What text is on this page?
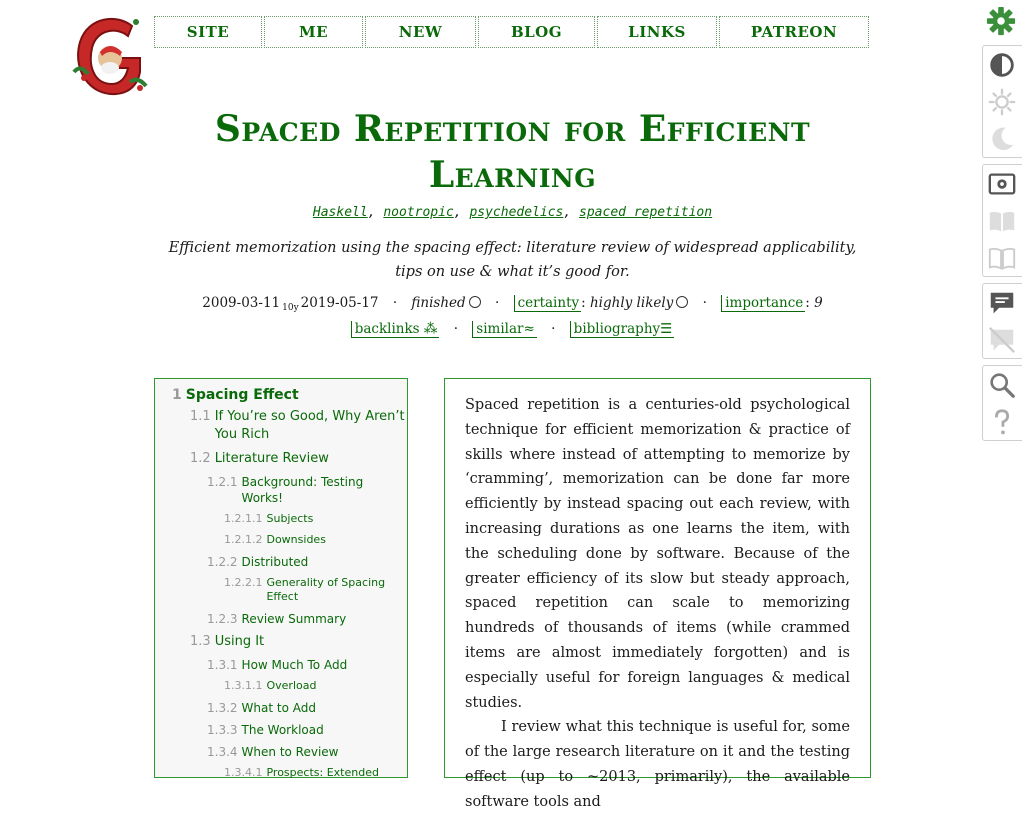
SITE	ME	NEW	BLOG	LINKS	PATREON
Spaced Repetition for Efficient Learning
Haskell, nootropic, psychedelics, spaced repetition
Efficient memorization using the spacing effect: literature review of widespread applicability, tips on use & what it’s good for.
2009-03-11 $_{10y}$ 2019-05-17 · finished · certainty : highly likely · importance : 9
backlinks ⁂ · similar≈ · bibliography☰
1 Spacing Effect
1.1 If You’re so Good, Why Aren’t You Rich
1.2 Literature Review
1.2.1 Background: Testing Works!
1.2.1.1 Subjects
1.2.1.2 Downsides
1.2.2 Distributed
1.2.2.1 Generality of Spacing Effect
1.2.3 Review Summary
1.3 Using It
1.3.1 How Much To Add
1.3.1.1 Overload
1.3.2 What to Add
1.3.3 The Workload
1.3.4 When to Review
1.3.4.1 Prospects: Extended

Spaced repetition is a centuries-old psychological technique for efficient memorization & practice of skills where instead of attempting to memorize by ‘cramming’, memorization can be done far more efficiently by instead spacing out each review, with increasing durations as one learns the item, with the scheduling done by software. Because of the greater efficiency of its slow but steady approach, spaced repetition can scale to memorizing hundreds of thousands of items (while crammed items are almost immediately forgotten) and is especially useful for foreign languages & medical studies.

I review what this technique is useful for, some of the large research literature on it and the testing effect (up to ~2013, primarily), the available software tools and
